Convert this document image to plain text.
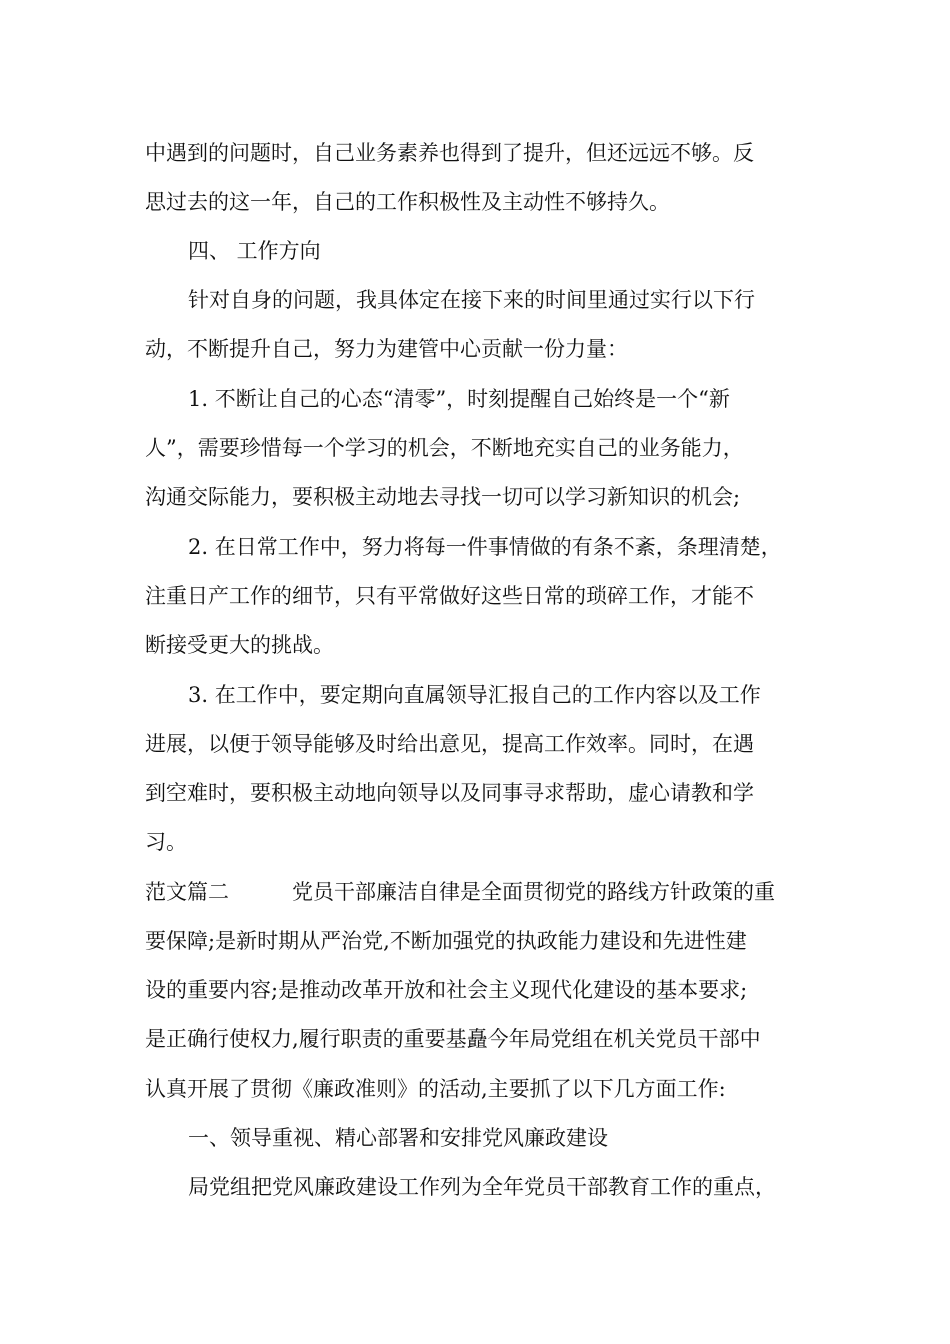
中遇到的问题时，自己业务素养也得到了提升，但还远远不够。反
思过去的这一年，自己的工作积极性及主动性不够持久。
四、 工作方向
针对自身的问题，我具体定在接下来的时间里通过实行以下行
动，不断提升自己，努力为建管中心贡献一份力量：
1. 不断让自己的心态“清零”，时刻提醒自己始终是一个“新
人”，需要珍惜每一个学习的机会，不断地充实自己的业务能力，
沟通交际能力，要积极主动地去寻找一切可以学习新知识的机会;
2. 在日常工作中，努力将每一件事情做的有条不紊，条理清楚，
注重日产工作的细节，只有平常做好这些日常的琐碎工作，才能不
断接受更大的挑战。
3. 在工作中，要定期向直属领导汇报自己的工作内容以及工作
进展，以便于领导能够及时给出意见，提高工作效率。同时，在遇
到空难时，要积极主动地向领导以及同事寻求帮助，虚心请教和学
习。
范文篇二　　　党员干部廉洁自律是全面贯彻党的路线方针政策的重
要保障;是新时期从严治党,不断加强党的执政能力建设和先进性建
设的重要内容;是推动改革开放和社会主义现代化建设的基本要求;
是正确行使权力,履行职责的重要基矗今年局党组在机关党员干部中
认真开展了贯彻《廉政准则》的活动,主要抓了以下几方面工作:
一、领导重视、精心部署和安排党风廉政建设
局党组把党风廉政建设工作列为全年党员干部教育工作的重点，
